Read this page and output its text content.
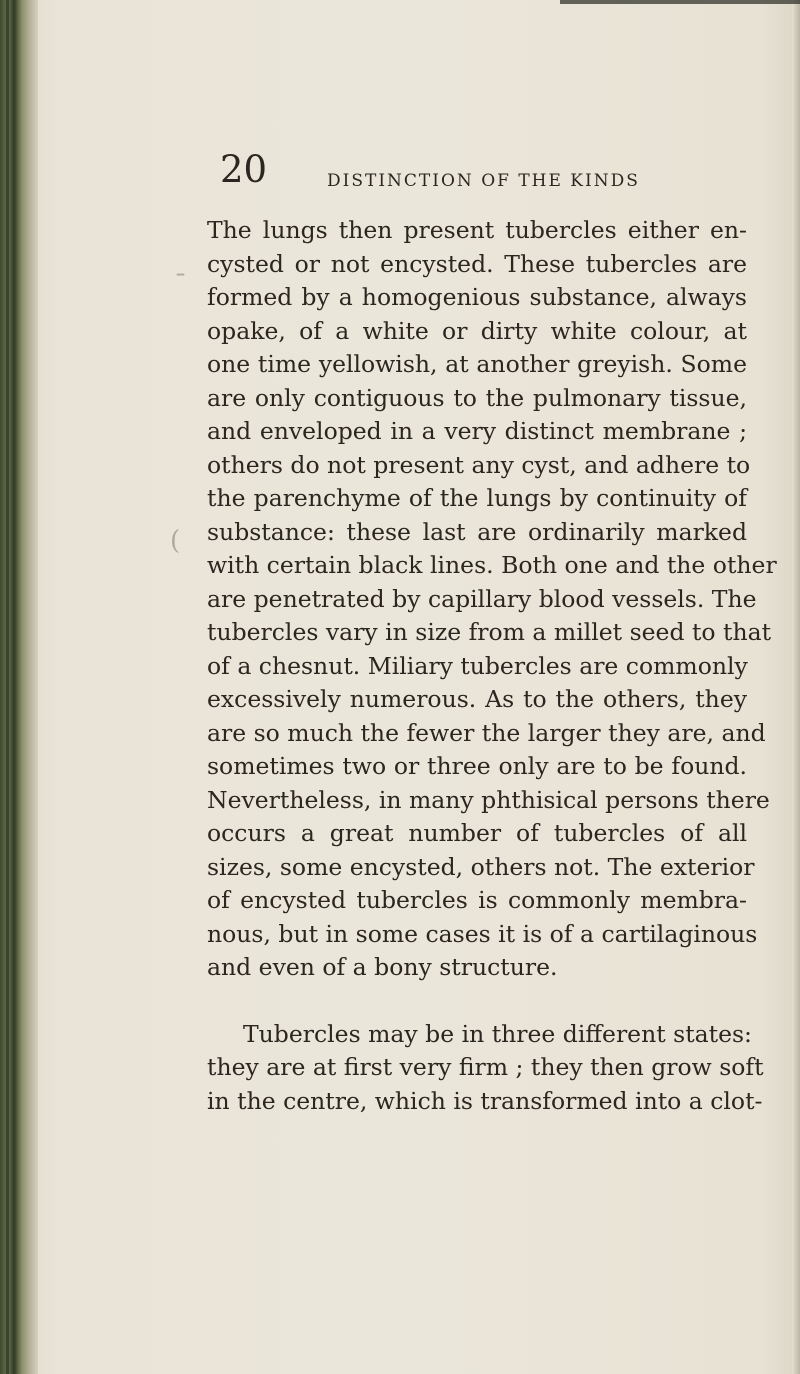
20	DISTINCTION OF THE KINDS

The lungs then present tubercles either en-

cysted or not encysted. These tubercles are

formed by a homogenious substance, always

opake, of a white or dirty white colour, at

one time yellowish, at another greyish. Some

are only contiguous to the pulmonary tissue,

and enveloped in a very distinct membrane ;

others do not present any cyst, and adhere to

the parenchyme of the lungs by continuity of

substance: these last are ordinarily marked

with certain black lines. Both one and the other

are penetrated by capillary blood vessels. The

tubercles vary in size from a millet seed to that

of a chesnut. Miliary tubercles are commonly

excessively numerous. As to the others, they

are so much the fewer the larger they are, and

sometimes two or three only are to be found.

Nevertheless, in many phthisical persons there

occurs a great number of tubercles of all

sizes, some encysted, others not. The exterior

of encysted tubercles is commonly membra-

nous, but in some cases it is of a cartilaginous

and even of a bony structure.

Tubercles may be in three different states:

they are at first very firm ; they then grow soft

in the centre, which is transformed into a clot-

(
¯
